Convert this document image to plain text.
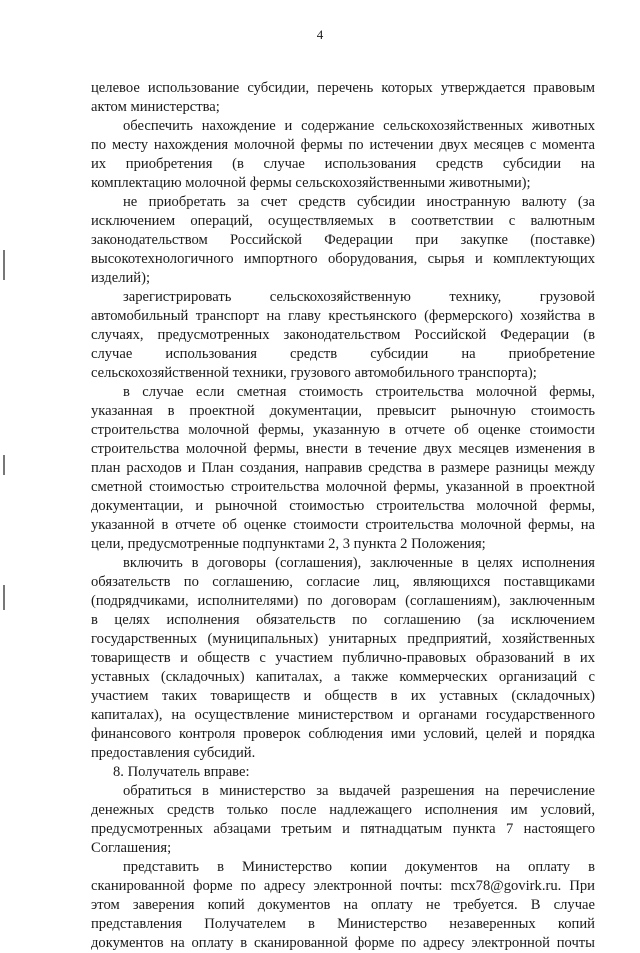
4
целевое использование субсидии, перечень которых утверждается правовым
актом министерства;
обеспечить нахождение и содержание сельскохозяйственных животных
по месту нахождения молочной фермы по истечении двух месяцев с момента
их приобретения (в случае использования средств субсидии на
комплектацию молочной фермы сельскохозяйственными животными);
не приобретать за счет средств субсидии иностранную валюту (за
исключением операций, осуществляемых в соответствии с валютным
законодательством Российской Федерации при закупке (поставке)
высокотехнологичного импортного оборудования, сырья и комплектующих
изделий);
зарегистрировать сельскохозяйственную технику, грузовой
автомобильный транспорт на главу крестьянского (фермерского) хозяйства в
случаях, предусмотренных законодательством Российской Федерации (в
случае использования средств субсидии на приобретение
сельскохозяйственной техники, грузового автомобильного транспорта);
в случае если сметная стоимость строительства молочной фермы,
указанная в проектной документации, превысит рыночную стоимость
строительства молочной фермы, указанную в отчете об оценке стоимости
строительства молочной фермы, внести в течение двух месяцев изменения в
план расходов и План создания, направив средства в размере разницы между
сметной стоимостью строительства молочной фермы, указанной в проектной
документации, и рыночной стоимостью строительства молочной фермы,
указанной в отчете об оценке стоимости строительства молочной фермы, на
цели, предусмотренные подпунктами 2, 3 пункта 2 Положения;
включить в договоры (соглашения), заключенные в целях исполнения
обязательств по соглашению, согласие лиц, являющихся поставщиками
(подрядчиками, исполнителями) по договорам (соглашениям), заключенным
в целях исполнения обязательств по соглашению (за исключением
государственных (муниципальных) унитарных предприятий, хозяйственных
товариществ и обществ с участием публично-правовых образований в их
уставных (складочных) капиталах, а также коммерческих организаций с
участием таких товариществ и обществ в их уставных (складочных)
капиталах), на осуществление министерством и органами государственного
финансового контроля проверок соблюдения ими условий, целей и порядка
предоставления субсидий.
8. Получатель вправе:
обратиться в министерство за выдачей разрешения на перечисление
денежных средств только после надлежащего исполнения им условий,
предусмотренных абзацами третьим и пятнадцатым пункта 7 настоящего
Соглашения;
представить в Министерство копии документов на оплату в
сканированной форме по адресу электронной почты: mcx78@govirk.ru. При
этом заверения копий документов на оплату не требуется. В случае
представления Получателем в Министерство незаверенных копий
документов на оплату в сканированной форме по адресу электронной почты
